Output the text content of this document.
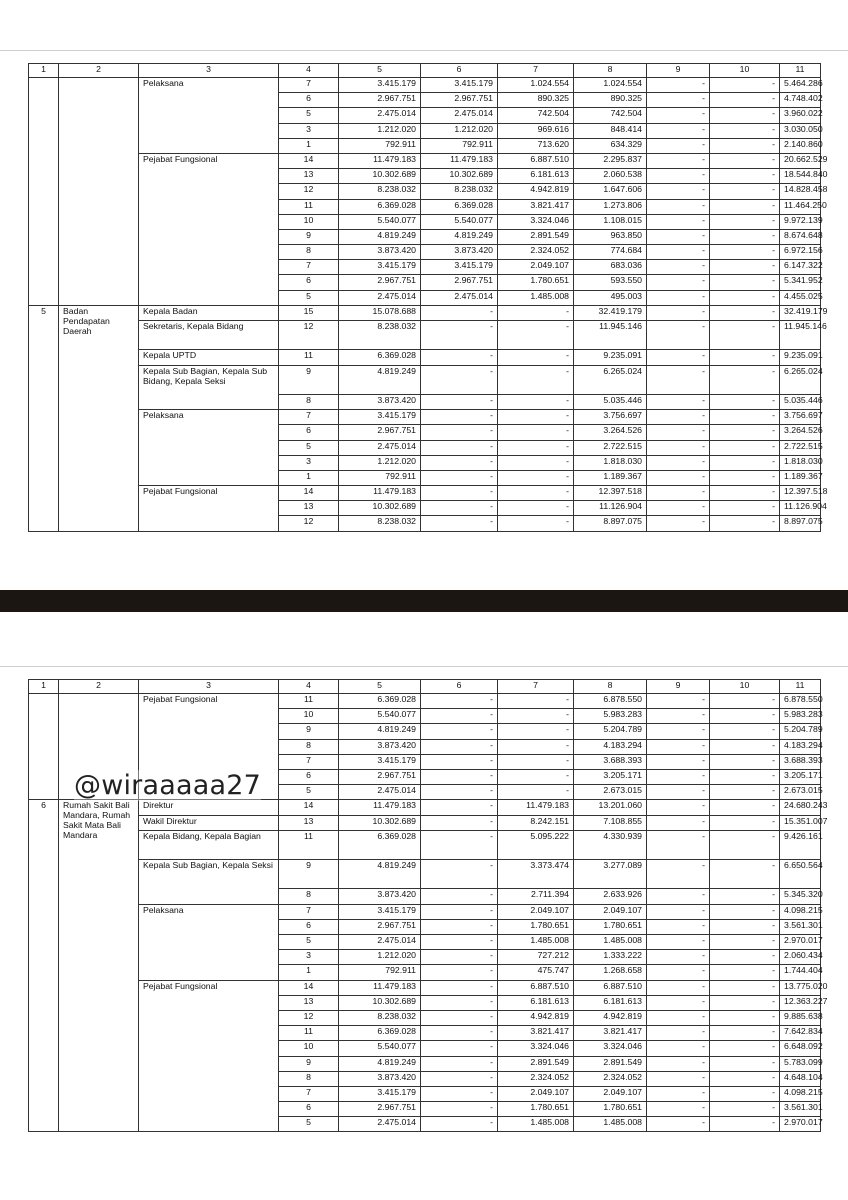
1	2	3	4	5	6	7	8	9	10	11
		Pelaksana	7	3.415.179	3.415.179	1.024.554	1.024.554	-	-	5.464.286
			6	2.967.751	2.967.751	890.325	890.325	-	-	4.748.402
			5	2.475.014	2.475.014	742.504	742.504	-	-	3.960.022
			3	1.212.020	1.212.020	969.616	848.414	-	-	3.030.050
			1	792.911	792.911	713.620	634.329	-	-	2.140.860
		Pejabat Fungsional	14	11.479.183	11.479.183	6.887.510	2.295.837	-	-	20.662.529
			13	10.302.689	10.302.689	6.181.613	2.060.538	-	-	18.544.840
			12	8.238.032	8.238.032	4.942.819	1.647.606	-	-	14.828.458
			11	6.369.028	6.369.028	3.821.417	1.273.806	-	-	11.464.250
			10	5.540.077	5.540.077	3.324.046	1.108.015	-	-	9.972.139
			9	4.819.249	4.819.249	2.891.549	963.850	-	-	8.674.648
			8	3.873.420	3.873.420	2.324.052	774.684	-	-	6.972.156
			7	3.415.179	3.415.179	2.049.107	683.036	-	-	6.147.322
			6	2.967.751	2.967.751	1.780.651	593.550	-	-	5.341.952
			5	2.475.014	2.475.014	1.485.008	495.003	-	-	4.455.025
5	Badan Pendapatan Daerah	Kepala Badan	15	15.078.688	-	-	32.419.179	-	-	32.419.179
		Sekretaris, Kepala Bidang	12	8.238.032	-	-	11.945.146	-	-	11.945.146
		Kepala UPTD	11	6.369.028	-	-	9.235.091	-	-	9.235.091
		Kepala Sub Bagian, Kepala Sub Bidang, Kepala Seksi	9	4.819.249	-	-	6.265.024	-	-	6.265.024
			8	3.873.420	-	-	5.035.446	-	-	5.035.446
		Pelaksana	7	3.415.179	-	-	3.756.697	-	-	3.756.697
			6	2.967.751	-	-	3.264.526	-	-	3.264.526
			5	2.475.014	-	-	2.722.515	-	-	2.722.515
			3	1.212.020	-	-	1.818.030	-	-	1.818.030
			1	792.911	-	-	1.189.367	-	-	1.189.367
		Pejabat Fungsional	14	11.479.183	-	-	12.397.518	-	-	12.397.518
			13	10.302.689	-	-	11.126.904	-	-	11.126.904
			12	8.238.032	-	-	8.897.075	-	-	8.897.075
1	2	3	4	5	6	7	8	9	10	11
		Pejabat Fungsional	11	6.369.028	-	-	6.878.550	-	-	6.878.550
			10	5.540.077	-	-	5.983.283	-	-	5.983.283
			9	4.819.249	-	-	5.204.789	-	-	5.204.789
			8	3.873.420	-	-	4.183.294	-	-	4.183.294
			7	3.415.179	-	-	3.688.393	-	-	3.688.393
			6	2.967.751	-	-	3.205.171	-	-	3.205.171
			5	2.475.014	-	-	2.673.015	-	-	2.673.015
6	Rumah Sakit Bali Mandara, Rumah Sakit Mata Bali Mandara	Direktur	14	11.479.183	-	11.479.183	13.201.060	-	-	24.680.243
		Wakil Direktur	13	10.302.689	-	8.242.151	7.108.855	-	-	15.351.007
		Kepala Bidang, Kepala Bagian	11	6.369.028	-	5.095.222	4.330.939	-	-	9.426.161
		Kepala Sub Bagian, Kepala Seksi	9	4.819.249	-	3.373.474	3.277.089	-	-	6.650.564
			8	3.873.420	-	2.711.394	2.633.926	-	-	5.345.320
		Pelaksana	7	3.415.179	-	2.049.107	2.049.107	-	-	4.098.215
			6	2.967.751	-	1.780.651	1.780.651	-	-	3.561.301
			5	2.475.014	-	1.485.008	1.485.008	-	-	2.970.017
			3	1.212.020	-	727.212	1.333.222	-	-	2.060.434
			1	792.911	-	475.747	1.268.658	-	-	1.744.404
		Pejabat Fungsional	14	11.479.183	-	6.887.510	6.887.510	-	-	13.775.020
			13	10.302.689	-	6.181.613	6.181.613	-	-	12.363.227
			12	8.238.032	-	4.942.819	4.942.819	-	-	9.885.638
			11	6.369.028	-	3.821.417	3.821.417	-	-	7.642.834
			10	5.540.077	-	3.324.046	3.324.046	-	-	6.648.092
			9	4.819.249	-	2.891.549	2.891.549	-	-	5.783.099
			8	3.873.420	-	2.324.052	2.324.052	-	-	4.648.104
			7	3.415.179	-	2.049.107	2.049.107	-	-	4.098.215
			6	2.967.751	-	1.780.651	1.780.651	-	-	3.561.301
			5	2.475.014	-	1.485.008	1.485.008	-	-	2.970.017
@wiraaaaa27
